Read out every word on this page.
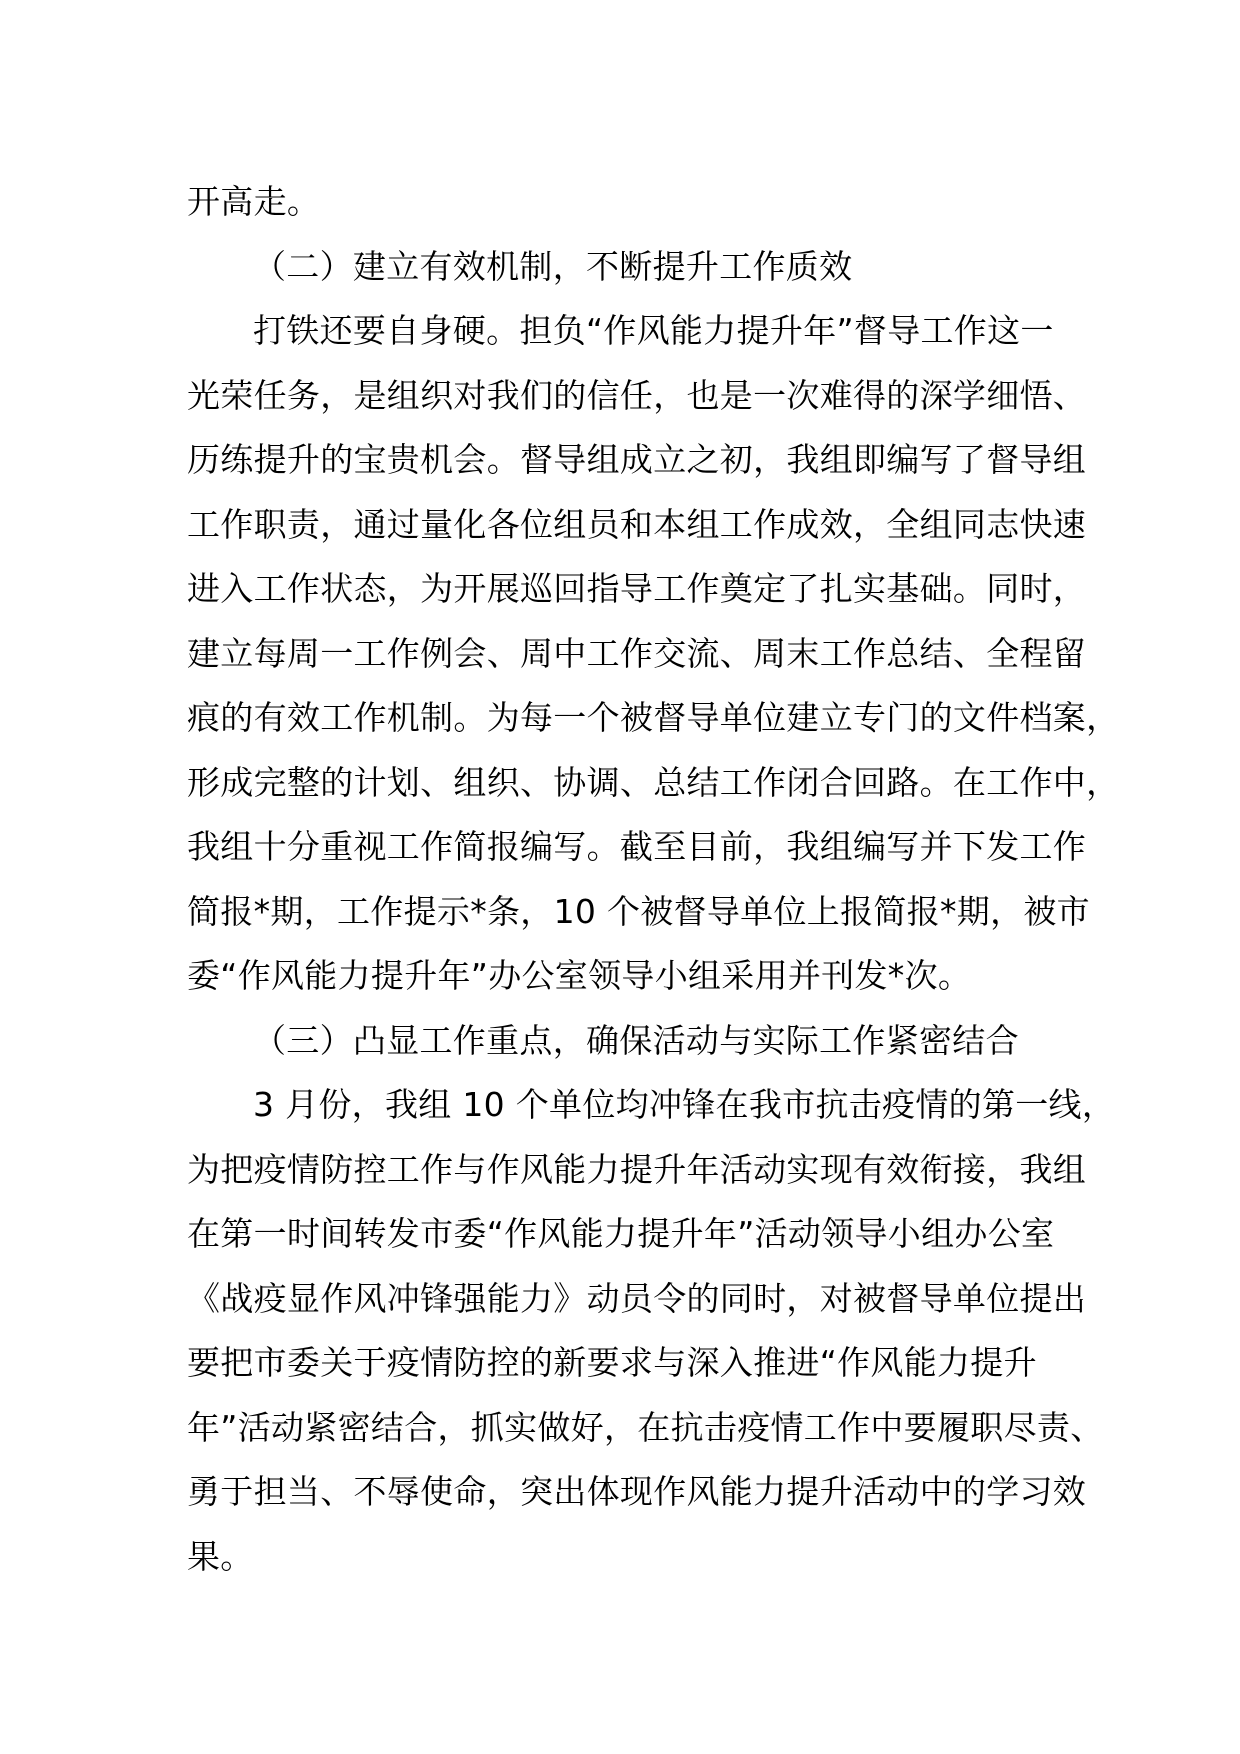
开高走。

（二）建立有效机制，不断提升工作质效

打铁还要自身硬。担负“作风能力提升年”督导工作这一

光荣任务，是组织对我们的信任，也是一次难得的深学细悟、

历练提升的宝贵机会。督导组成立之初，我组即编写了督导组

工作职责，通过量化各位组员和本组工作成效，全组同志快速

进入工作状态，为开展巡回指导工作奠定了扎实基础。同时，

建立每周一工作例会、周中工作交流、周末工作总结、全程留

痕的有效工作机制。为每一个被督导单位建立专门的文件档案，

形成完整的计划、组织、协调、总结工作闭合回路。在工作中，

我组十分重视工作简报编写。截至目前，我组编写并下发工作

简报*期，工作提示*条，10 个被督导单位上报简报*期，被市

委“作风能力提升年”办公室领导小组采用并刊发*次。

（三）凸显工作重点，确保活动与实际工作紧密结合

3 月份，我组 10 个单位均冲锋在我市抗击疫情的第一线，

为把疫情防控工作与作风能力提升年活动实现有效衔接，我组

在第一时间转发市委“作风能力提升年”活动领导小组办公室

《战疫显作风冲锋强能力》动员令的同时，对被督导单位提出

要把市委关于疫情防控的新要求与深入推进“作风能力提升

年”活动紧密结合，抓实做好，在抗击疫情工作中要履职尽责、

勇于担当、不辱使命，突出体现作风能力提升活动中的学习效

果。
